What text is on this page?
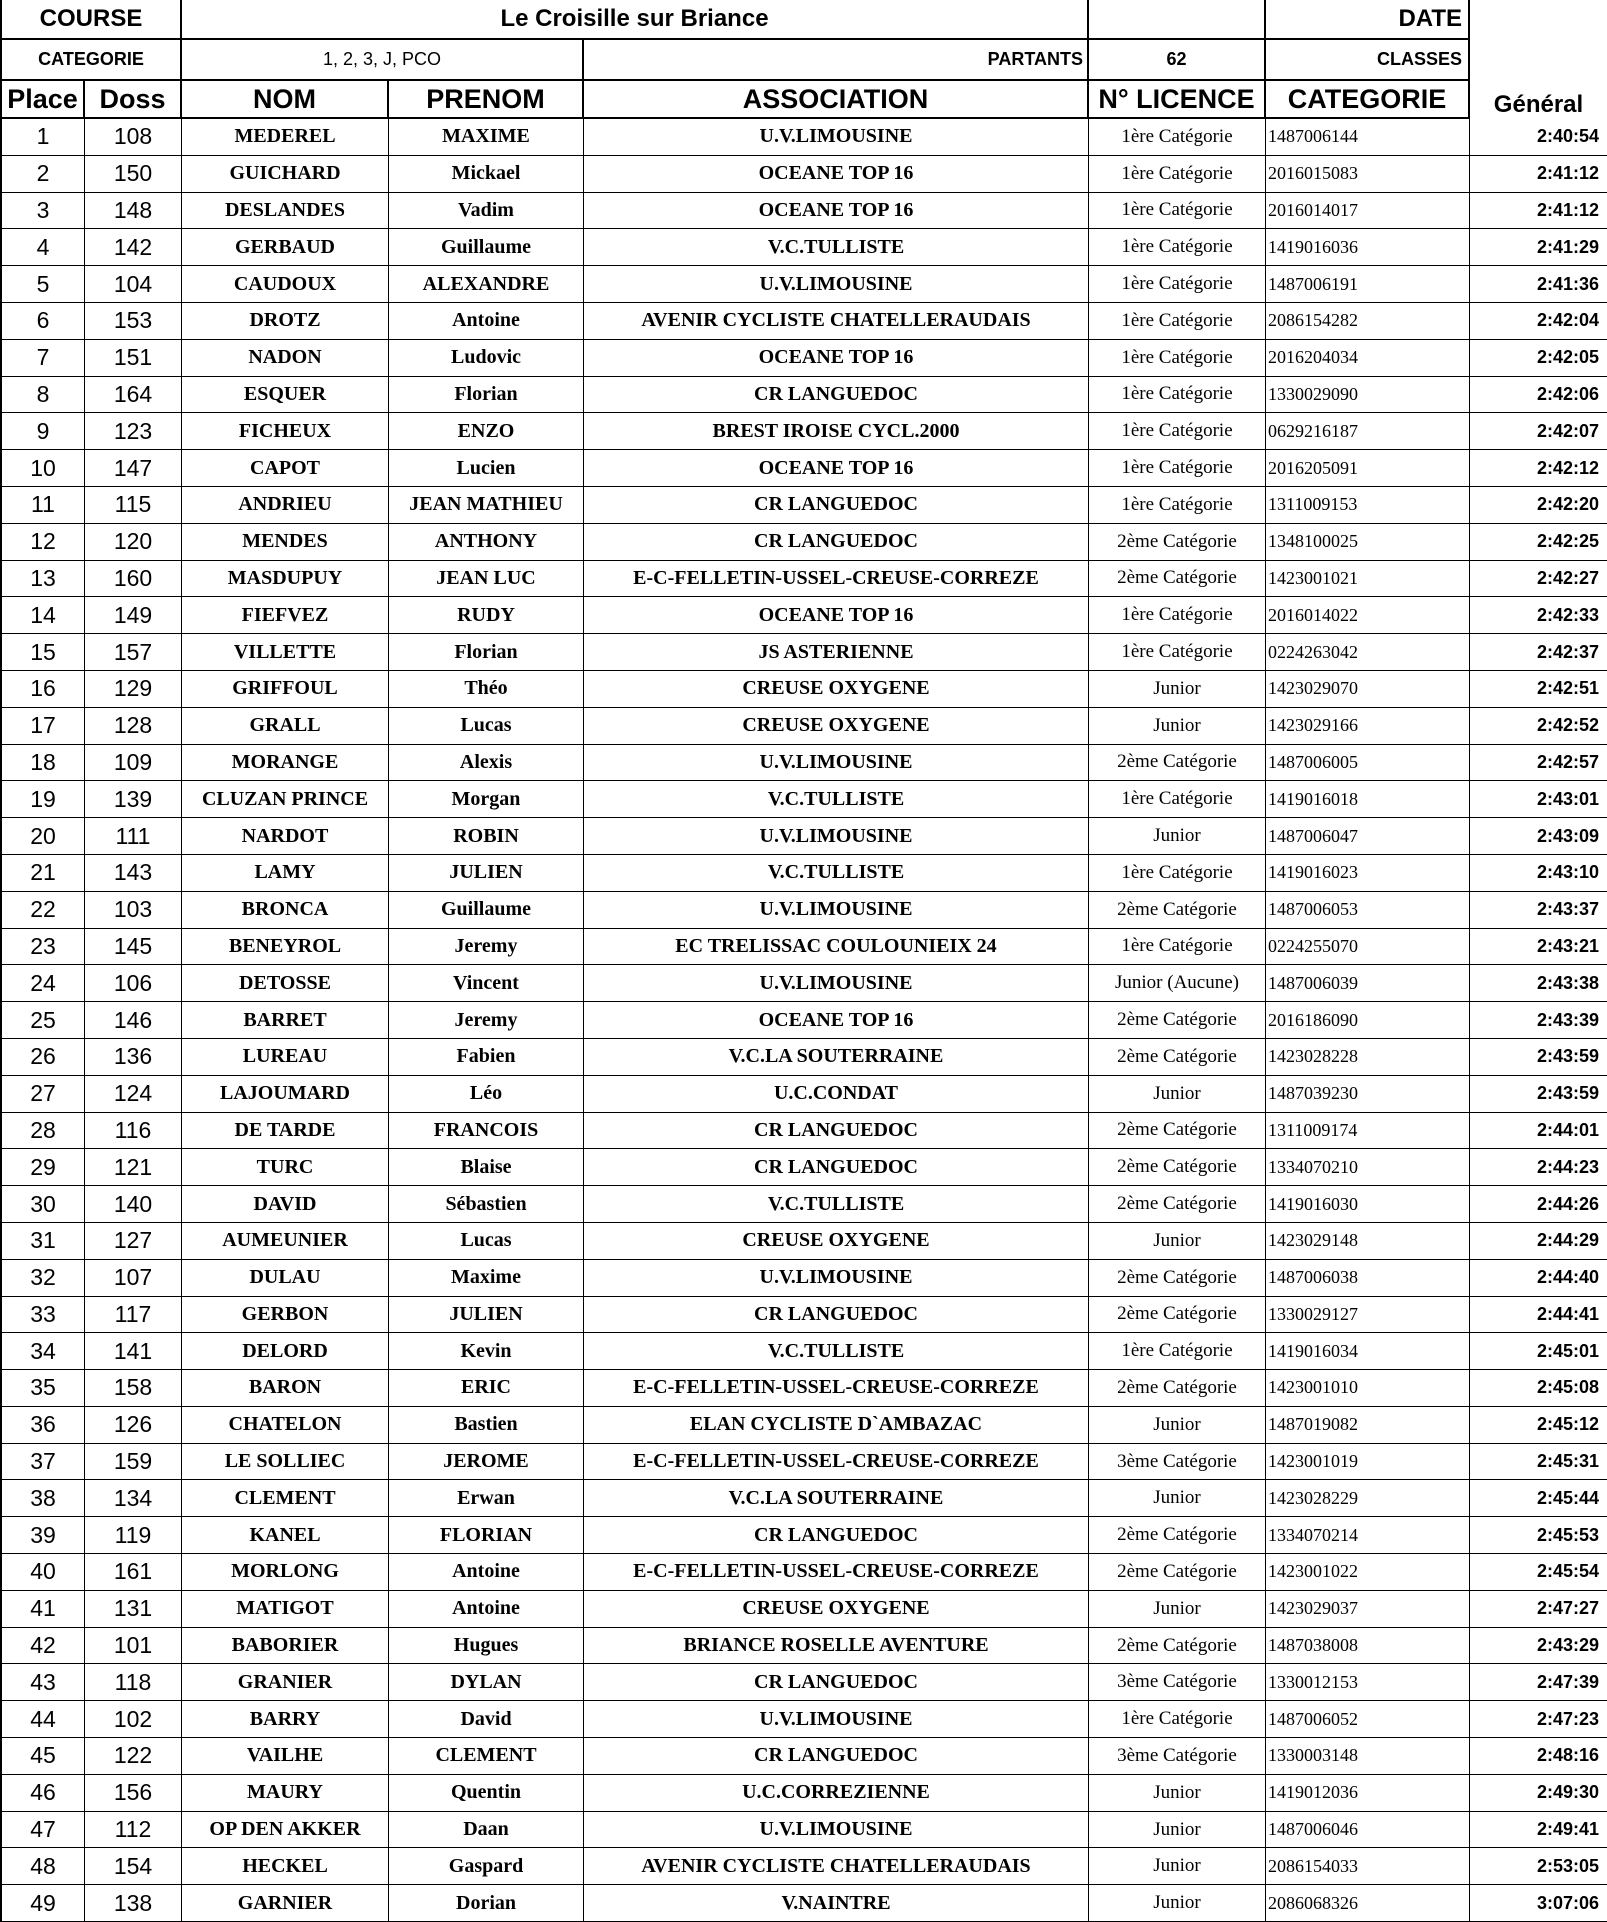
COURSE	Le Croisille sur Briance	DATE
CATEGORIE	1, 2, 3, J, PCO	PARTANTS	62	CLASSES
Place Doss	NOM	PRENOM	ASSOCIATION	N° LICENCE	CATEGORIE	Général
1	108	MEDEREL	MAXIME	U.V.LIMOUSINE	1ère Catégorie	1487006144	2:40:54
2	150	GUICHARD	Mickael	OCEANE TOP 16	1ère Catégorie	2016015083	2:41:12
3	148	DESLANDES	Vadim	OCEANE TOP 16	1ère Catégorie	2016014017	2:41:12
4	142	GERBAUD	Guillaume	V.C.TULLISTE	1ère Catégorie	1419016036	2:41:29
5	104	CAUDOUX	ALEXANDRE	U.V.LIMOUSINE	1ère Catégorie	1487006191	2:41:36
6	153	DROTZ	Antoine	AVENIR CYCLISTE CHATELLERAUDAIS	1ère Catégorie	2086154282	2:42:04
7	151	NADON	Ludovic	OCEANE TOP 16	1ère Catégorie	2016204034	2:42:05
8	164	ESQUER	Florian	CR LANGUEDOC	1ère Catégorie	1330029090	2:42:06
9	123	FICHEUX	ENZO	BREST IROISE CYCL.2000	1ère Catégorie	0629216187	2:42:07
10	147	CAPOT	Lucien	OCEANE TOP 16	1ère Catégorie	2016205091	2:42:12
11	115	ANDRIEU	JEAN MATHIEU	CR LANGUEDOC	1ère Catégorie	1311009153	2:42:20
12	120	MENDES	ANTHONY	CR LANGUEDOC	2ème Catégorie	1348100025	2:42:25
13	160	MASDUPUY	JEAN LUC	E-C-FELLETIN-USSEL-CREUSE-CORREZE	2ème Catégorie	1423001021	2:42:27
14	149	FIEFVEZ	RUDY	OCEANE TOP 16	1ère Catégorie	2016014022	2:42:33
15	157	VILLETTE	Florian	JS ASTERIENNE	1ère Catégorie	0224263042	2:42:37
16	129	GRIFFOUL	Théo	CREUSE OXYGENE	Junior	1423029070	2:42:51
17	128	GRALL	Lucas	CREUSE OXYGENE	Junior	1423029166	2:42:52
18	109	MORANGE	Alexis	U.V.LIMOUSINE	2ème Catégorie	1487006005	2:42:57
19	139	CLUZAN PRINCE	Morgan	V.C.TULLISTE	1ère Catégorie	1419016018	2:43:01
20	111	NARDOT	ROBIN	U.V.LIMOUSINE	Junior	1487006047	2:43:09
21	143	LAMY	JULIEN	V.C.TULLISTE	1ère Catégorie	1419016023	2:43:10
22	103	BRONCA	Guillaume	U.V.LIMOUSINE	2ème Catégorie	1487006053	2:43:37
23	145	BENEYROL	Jeremy	EC TRELISSAC COULOUNIEIX 24	1ère Catégorie	0224255070	2:43:21
24	106	DETOSSE	Vincent	U.V.LIMOUSINE	Junior (Aucune)	1487006039	2:43:38
25	146	BARRET	Jeremy	OCEANE TOP 16	2ème Catégorie	2016186090	2:43:39
26	136	LUREAU	Fabien	V.C.LA SOUTERRAINE	2ème Catégorie	1423028228	2:43:59
27	124	LAJOUMARD	Léo	U.C.CONDAT	Junior	1487039230	2:43:59
28	116	DE TARDE	FRANCOIS	CR LANGUEDOC	2ème Catégorie	1311009174	2:44:01
29	121	TURC	Blaise	CR LANGUEDOC	2ème Catégorie	1334070210	2:44:23
30	140	DAVID	Sébastien	V.C.TULLISTE	2ème Catégorie	1419016030	2:44:26
31	127	AUMEUNIER	Lucas	CREUSE OXYGENE	Junior	1423029148	2:44:29
32	107	DULAU	Maxime	U.V.LIMOUSINE	2ème Catégorie	1487006038	2:44:40
33	117	GERBON	JULIEN	CR LANGUEDOC	2ème Catégorie	1330029127	2:44:41
34	141	DELORD	Kevin	V.C.TULLISTE	1ère Catégorie	1419016034	2:45:01
35	158	BARON	ERIC	E-C-FELLETIN-USSEL-CREUSE-CORREZE	2ème Catégorie	1423001010	2:45:08
36	126	CHATELON	Bastien	ELAN CYCLISTE D`AMBAZAC	Junior	1487019082	2:45:12
37	159	LE SOLLIEC	JEROME	E-C-FELLETIN-USSEL-CREUSE-CORREZE	3ème Catégorie	1423001019	2:45:31
38	134	CLEMENT	Erwan	V.C.LA SOUTERRAINE	Junior	1423028229	2:45:44
39	119	KANEL	FLORIAN	CR LANGUEDOC	2ème Catégorie	1334070214	2:45:53
40	161	MORLONG	Antoine	E-C-FELLETIN-USSEL-CREUSE-CORREZE	2ème Catégorie	1423001022	2:45:54
41	131	MATIGOT	Antoine	CREUSE OXYGENE	Junior	1423029037	2:47:27
42	101	BABORIER	Hugues	BRIANCE ROSELLE AVENTURE	2ème Catégorie	1487038008	2:43:29
43	118	GRANIER	DYLAN	CR LANGUEDOC	3ème Catégorie	1330012153	2:47:39
44	102	BARRY	David	U.V.LIMOUSINE	1ère Catégorie	1487006052	2:47:23
45	122	VAILHE	CLEMENT	CR LANGUEDOC	3ème Catégorie	1330003148	2:48:16
46	156	MAURY	Quentin	U.C.CORREZIENNE	Junior	1419012036	2:49:30
47	112	OP DEN AKKER	Daan	U.V.LIMOUSINE	Junior	1487006046	2:49:41
48	154	HECKEL	Gaspard	AVENIR CYCLISTE CHATELLERAUDAIS	Junior	2086154033	2:53:05
49	138	GARNIER	Dorian	V.NAINTRE	Junior	2086068326	3:07:06
